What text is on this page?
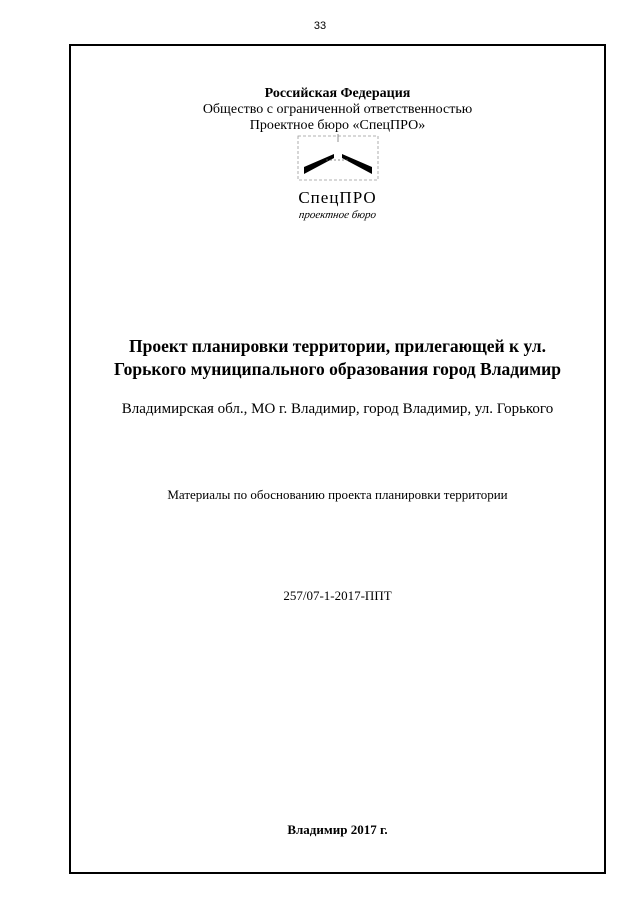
33
Российская Федерация
Общество с ограниченной ответственностью
Проектное бюро «СпецПРО»
СпецПРО
проектное бюро
Проект планировки территории, прилегающей к ул.
Горького муниципального образования город Владимир
Владимирская обл., МО г. Владимир, город Владимир, ул. Горького
Материалы по обоснованию проекта планировки территории
257/07-1-2017-ППТ
Владимир 2017 г.
